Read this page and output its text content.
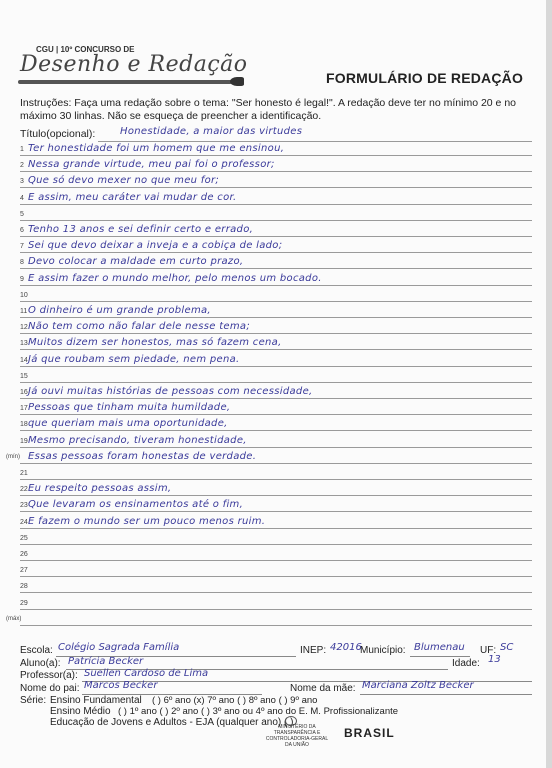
CGU | 10º CONCURSO DE
Desenho e Redação
FORMULÁRIO DE REDAÇÃO
Instruções: Faça uma redação sobre o tema: "Ser honesto é legal!". A redação deve ter no mínimo 20 e no máximo 30 linhas. Não se esqueça de preencher a identificação.
Título(opcional): Honestidade, a maior das virtudes
1 Ter honestidade foi um homem que me ensinou,
2 Nessa grande virtude, meu pai foi o professor;
3 Que só devo mexer no que meu for;
4 E assim, meu caráter vai mudar de cor.
5
6 Tenho 13 anos e sei definir certo e errado,
7 Sei que devo deixar a inveja e a cobiça de lado;
8 Devo colocar a maldade em curto prazo,
9 E assim fazer o mundo melhor, pelo menos um bocado.
10
11 O dinheiro é um grande problema,
12 Não tem como não falar dele nesse tema;
13 Muitos dizem ser honestos, mas só fazem cena,
14 Já que roubam sem piedade, nem pena.
15
16 Já ouvi muitas histórias de pessoas com necessidade,
17 Pessoas que tinham muita humildade,
18 que queriam mais uma oportunidade,
19 Mesmo precisando, tiveram honestidade,
(mín) Essas pessoas foram honestas de verdade.
21
22 Eu respeito pessoas assim,
23 Que levaram os ensinamentos até o fim,
24 E fazem o mundo ser um pouco menos ruim.
25
26
27
28
29
(máx)
Escola: Colégio Sagrada Família	INEP: 42016
Município: Blumenau UF: SC
Aluno(a): Patrícia Becker	Idade: 13
Professor(a): Suellen Cardoso de Lima
Nome do pai: Marcos Becker	Nome da mãe: Marciana Zoltz Becker
Série: Ensino Fundamental ( ) 6º ano (x) 7º ano ( ) 8º ano ( ) 9º ano
Ensino Médio ( ) 1º ano ( ) 2º ano ( ) 3º ano ou 4º ano do E. M. Profissionalizante
Educação de Jovens e Adultos - EJA (qualquer ano) ( )
MINISTÉRIO DA TRANSPARÊNCIA E CONTROLADORIA-GERAL DA UNIÃO
BRASIL
